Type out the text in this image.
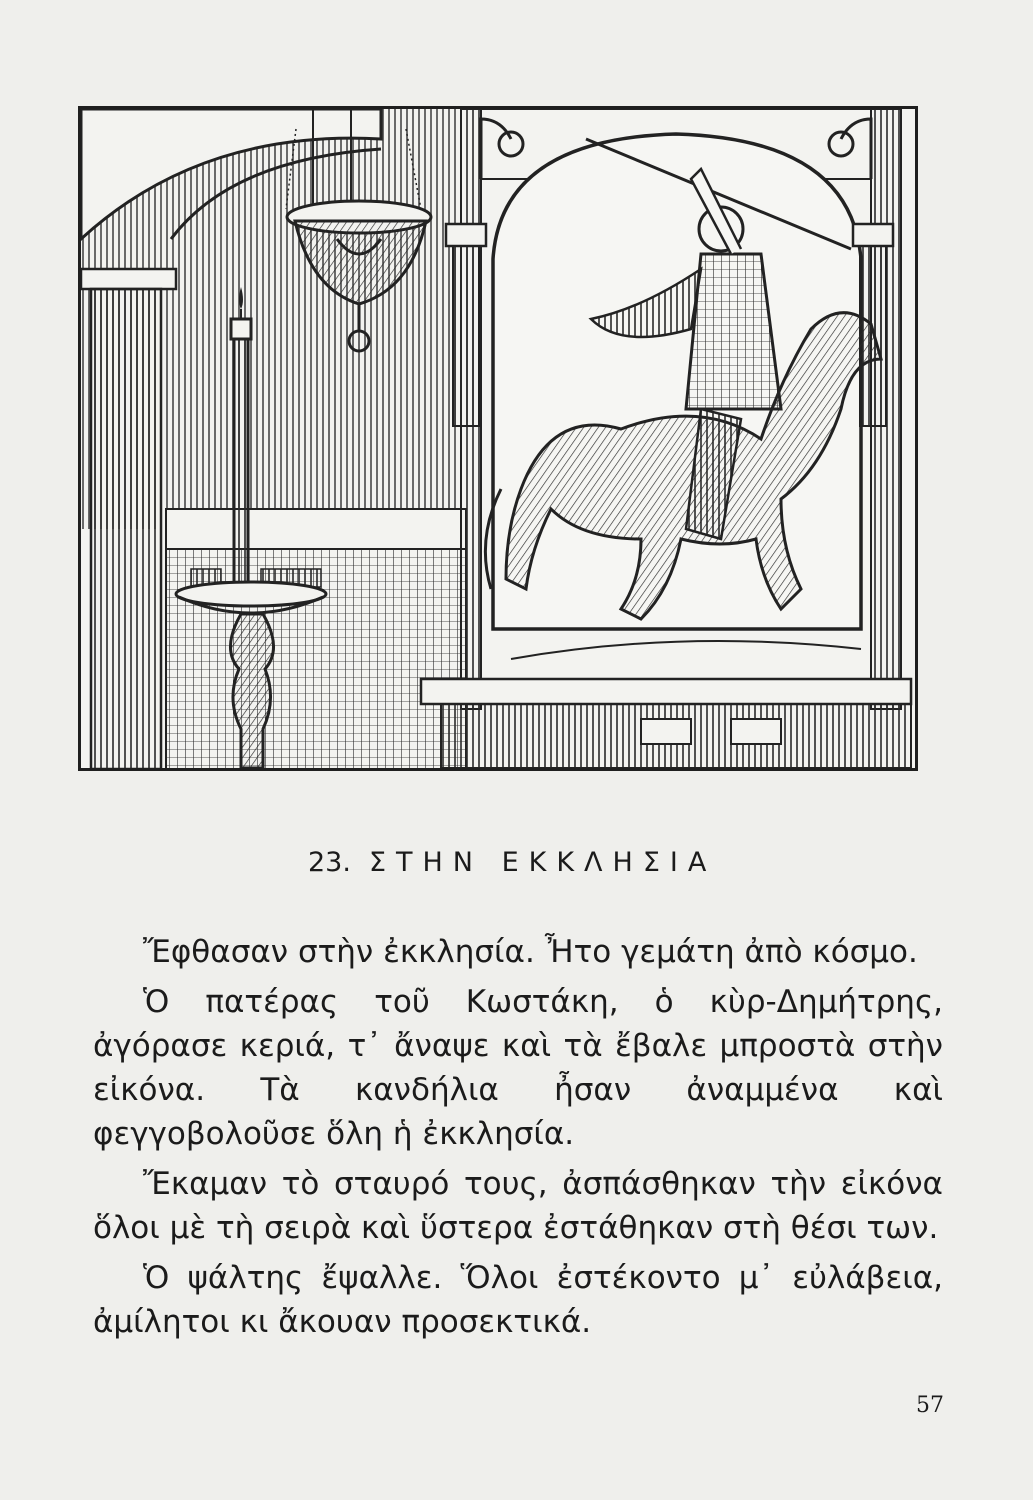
23. ΣΤΗΝ ΕΚΚΛΗΣΙΑ

Ἔφθασαν στὴν ἐκκλησία. Ἦτο γεμάτη ἀπὸ κόσμο.

Ὁ πατέρας τοῦ Κωστάκη, ὁ κὺρ-Δημήτρης, ἀγόρασε κεριά, τ᾿ ἄναψε καὶ τὰ ἔβαλε μπροστὰ στὴν εἰκόνα. Τὰ κανδήλια ἦσαν ἀναμμένα καὶ φεγγοβολοῦσε ὅλη ἡ ἐκκλησία.

Ἔκαμαν τὸ σταυρό τους, ἀσπάσθηκαν τὴν εἰκόνα ὅλοι μὲ τὴ σειρὰ καὶ ὕστερα ἐστάθηκαν στὴ θέσι των.

Ὁ ψάλτης ἔψαλλε. Ὅλοι ἐστέκοντο μ᾿ εὐλάβεια, ἀμίλητοι κι ἄκουαν προσεκτικά.

57
